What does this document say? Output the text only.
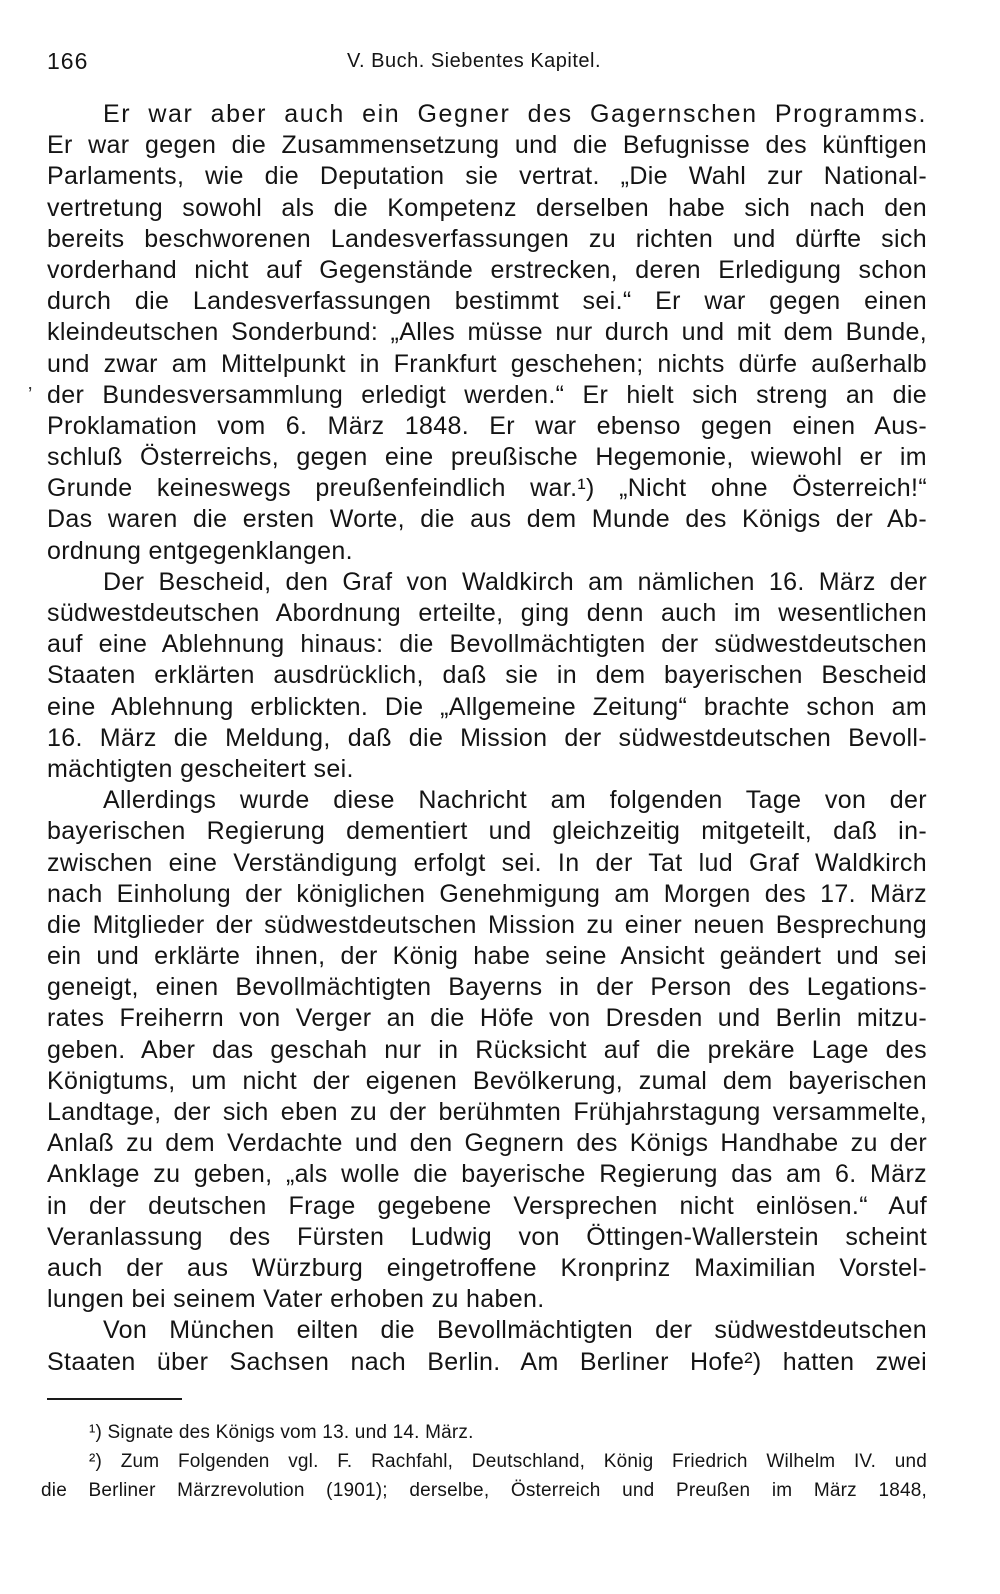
166	V. Buch. Siebentes Kapitel.
Er war aber auch ein Gegner des Gagernschen Programms.
Er war gegen die Zusammensetzung und die Befugnisse des künftigen
Parlaments, wie die Deputation sie vertrat. „Die Wahl zur National-
vertretung sowohl als die Kompetenz derselben habe sich nach den
bereits beschworenen Landesverfassungen zu richten und dürfte sich
vorderhand nicht auf Gegenstände erstrecken, deren Erledigung schon
durch die Landesverfassungen bestimmt sei.“ Er war gegen einen
kleindeutschen Sonderbund: „Alles müsse nur durch und mit dem Bunde,
und zwar am Mittelpunkt in Frankfurt geschehen; nichts dürfe außerhalb
der Bundesversammlung erledigt werden.“ Er hielt sich streng an die
Proklamation vom 6. März 1848. Er war ebenso gegen einen Aus-
schluß Österreichs, gegen eine preußische Hegemonie, wiewohl er im
Grunde keineswegs preußenfeindlich war.¹) „Nicht ohne Österreich!“
Das waren die ersten Worte, die aus dem Munde des Königs der Ab-
ordnung entgegenklangen.
Der Bescheid, den Graf von Waldkirch am nämlichen 16. März der
südwestdeutschen Abordnung erteilte, ging denn auch im wesentlichen
auf eine Ablehnung hinaus: die Bevollmächtigten der südwestdeutschen
Staaten erklärten ausdrücklich, daß sie in dem bayerischen Bescheid
eine Ablehnung erblickten. Die „Allgemeine Zeitung“ brachte schon am
16. März die Meldung, daß die Mission der südwestdeutschen Bevoll-
mächtigten gescheitert sei.
Allerdings wurde diese Nachricht am folgenden Tage von der
bayerischen Regierung dementiert und gleichzeitig mitgeteilt, daß in-
zwischen eine Verständigung erfolgt sei. In der Tat lud Graf Waldkirch
nach Einholung der königlichen Genehmigung am Morgen des 17. März
die Mitglieder der südwestdeutschen Mission zu einer neuen Besprechung
ein und erklärte ihnen, der König habe seine Ansicht geändert und sei
geneigt, einen Bevollmächtigten Bayerns in der Person des Legations-
rates Freiherrn von Verger an die Höfe von Dresden und Berlin mitzu-
geben. Aber das geschah nur in Rücksicht auf die prekäre Lage des
Königtums, um nicht der eigenen Bevölkerung, zumal dem bayerischen
Landtage, der sich eben zu der berühmten Frühjahrstagung versammelte,
Anlaß zu dem Verdachte und den Gegnern des Königs Handhabe zu der
Anklage zu geben, „als wolle die bayerische Regierung das am 6. März
in der deutschen Frage gegebene Versprechen nicht einlösen.“ Auf
Veranlassung des Fürsten Ludwig von Öttingen-Wallerstein scheint
auch der aus Würzburg eingetroffene Kronprinz Maximilian Vorstel-
lungen bei seinem Vater erhoben zu haben.
Von München eilten die Bevollmächtigten der südwestdeutschen
Staaten über Sachsen nach Berlin. Am Berliner Hofe²) hatten zwei
¹) Signate des Königs vom 13. und 14. März.
²) Zum Folgenden vgl. F. Rachfahl, Deutschland, König Friedrich Wilhelm IV. und
die Berliner Märzrevolution (1901); derselbe, Österreich und Preußen im März 1848,
ʼ
